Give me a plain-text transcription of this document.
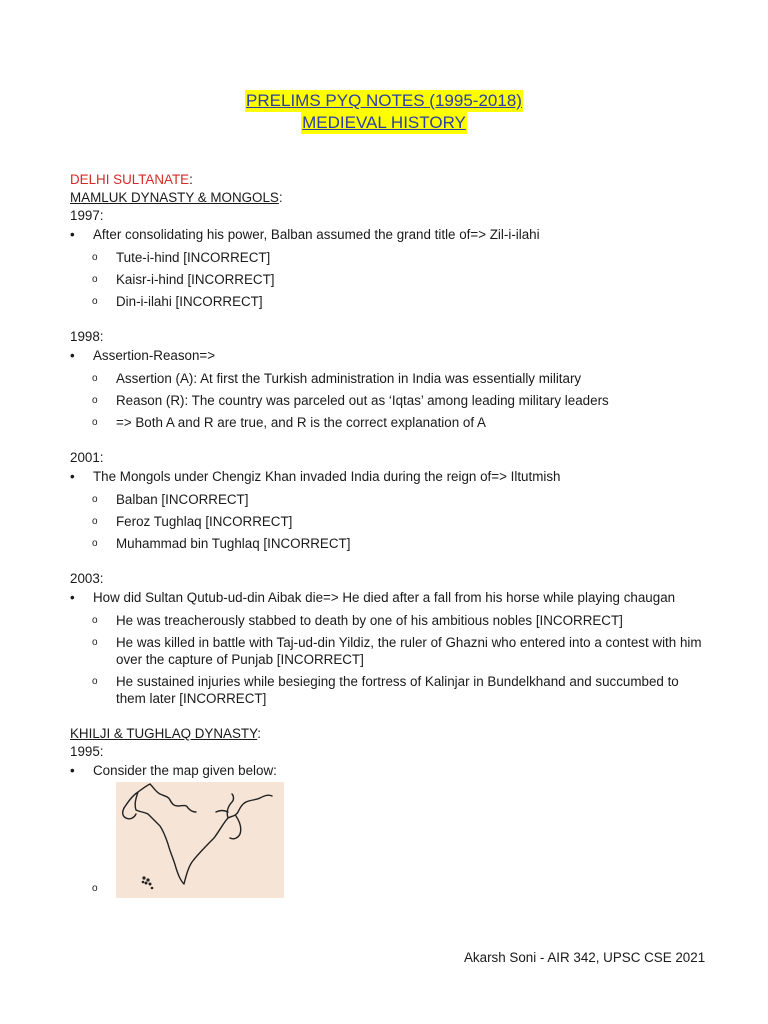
PRELIMS PYQ NOTES (1995-2018)
MEDIEVAL HISTORY
DELHI SULTANATE:
MAMLUK DYNASTY & MONGOLS:
1997:
•	After consolidating his power, Balban assumed the grand title of=> Zil-i-ilahi
o Tute-i-hind [INCORRECT]
o Kaisr-i-hind [INCORRECT]
o Din-i-ilahi [INCORRECT]
1998:
•	Assertion-Reason=>
o Assertion (A): At first the Turkish administration in India was essentially military
o Reason (R): The country was parceled out as ‘Iqtas’ among leading military leaders
o => Both A and R are true, and R is the correct explanation of A
2001:
•	The Mongols under Chengiz Khan invaded India during the reign of=> Iltutmish
o Balban [INCORRECT]
o Feroz Tughlaq [INCORRECT]
o Muhammad bin Tughlaq [INCORRECT]
2003:
•	How did Sultan Qutub-ud-din Aibak die=> He died after a fall from his horse while playing chaugan
o He was treacherously stabbed to death by one of his ambitious nobles [INCORRECT]
o He was killed in battle with Taj-ud-din Yildiz, the ruler of Ghazni who entered into a contest with him over the capture of Punjab [INCORRECT]
o He sustained injuries while besieging the fortress of Kalinjar in Bundelkhand and succumbed to them later [INCORRECT]
KHILJI & TUGHLAQ DYNASTY:
1995:
•	Consider the map given below:
o
Akarsh Soni - AIR 342, UPSC CSE 2021
